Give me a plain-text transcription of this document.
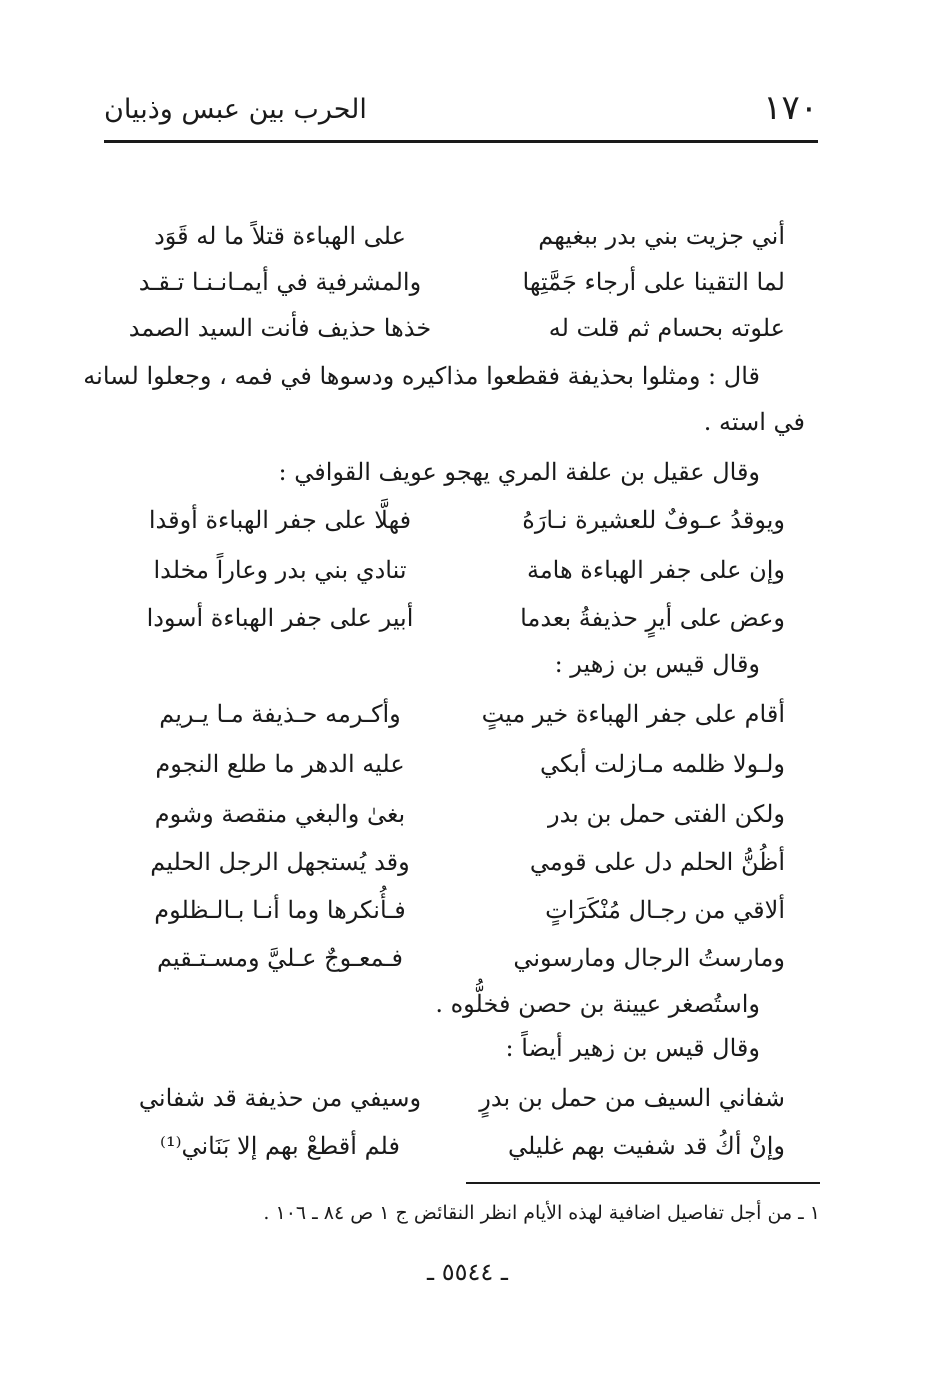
١٧٠
الحرب بين عبس وذبيان
أني جزيت بني بدر ببغيهم
على الهباءة قتلاً ما له قَوَد
لما التقينا على أرجاء جَمَّتِها
والمشرفية في أيمـانـنـا تـقـد
علوته بحسام ثم قلت له
خذها حذيف فأنت السيد الصمد
قال : ومثلوا بحذيفة فقطعوا مذاكيره ودسوها في فمه ، وجعلوا لسانه
في استه .
وقال عقيل بن علفة المري يهجو عويف القوافي :
ويوقدُ عـوفٌ للعشيرة نـارَهُ
فهلَّا على جفر الهباءة أوقدا
وإن على جفر الهباءة هامة
تنادي بني بدر وعاراً مخلدا
وعض على أيرٍ حذيفةُ بعدما
أبير على جفر الهباءة أسودا
وقال قيس بن زهير :
أقام على جفر الهباءة خير ميتٍ
وأكـرمه حـذيفة مـا يـريم
ولـولا ظلمه مـازلت أبكي
عليه الدهر ما طلع النجوم
ولكن الفتى حمل بن بدر
بغىٰ والبغي منقصة وشوم
أظُنُّ الحلم دل على قومي
وقد يُستجهل الرجل الحليم
ألاقي من رجـال مُنْكَرَاتٍ
فـأُنكرها وما أنـا بـالـظلوم
ومارستُ الرجال ومارسوني
فـمعـوجٌ عـليَّ ومسـتـقيم
واستُصغر عيينة بن حصن فخلُّوه .
وقال قيس بن زهير أيضاً :
شفاني السيف من حمل بن بدرٍ
وسيفي من حذيفة قد شفاني
وإنْ أكُ قد شفيت بهم غليلي
فلم أقطعْ بهم إلا بَنَاني⁽¹⁾
١ ـ من أجل تفاصيل اضافية لهذه الأيام انظر النقائض ج ١ ص ٨٤ ـ ١٠٦ .
ـ ٥٥٤٤ ـ
